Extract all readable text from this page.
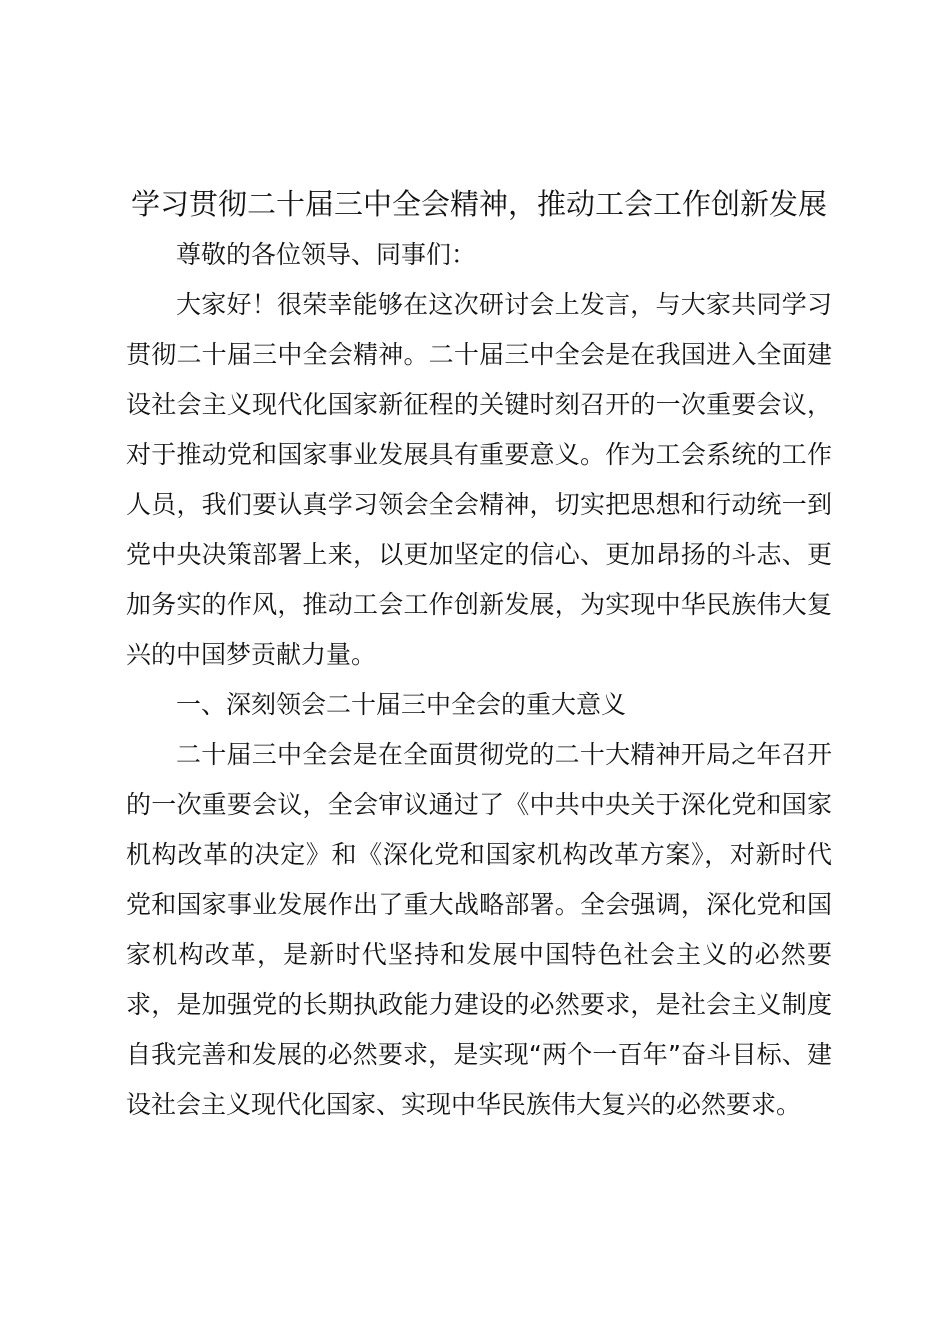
学习贯彻二十届三中全会精神，推动工会工作创新发展

尊敬的各位领导、同事们：

大家好！很荣幸能够在这次研讨会上发言，与大家共同学习贯彻二十届三中全会精神。二十届三中全会是在我国进入全面建设社会主义现代化国家新征程的关键时刻召开的一次重要会议，对于推动党和国家事业发展具有重要意义。作为工会系统的工作人员，我们要认真学习领会全会精神，切实把思想和行动统一到党中央决策部署上来，以更加坚定的信心、更加昂扬的斗志、更加务实的作风，推动工会工作创新发展，为实现中华民族伟大复兴的中国梦贡献力量。

一、深刻领会二十届三中全会的重大意义

二十届三中全会是在全面贯彻党的二十大精神开局之年召开的一次重要会议，全会审议通过了《中共中央关于深化党和国家机构改革的决定》和《深化党和国家机构改革方案》，对新时代党和国家事业发展作出了重大战略部署。全会强调，深化党和国家机构改革，是新时代坚持和发展中国特色社会主义的必然要求，是加强党的长期执政能力建设的必然要求，是社会主义制度自我完善和发展的必然要求，是实现“两个一百年”奋斗目标、建设社会主义现代化国家、实现中华民族伟大复兴的必然要求。
